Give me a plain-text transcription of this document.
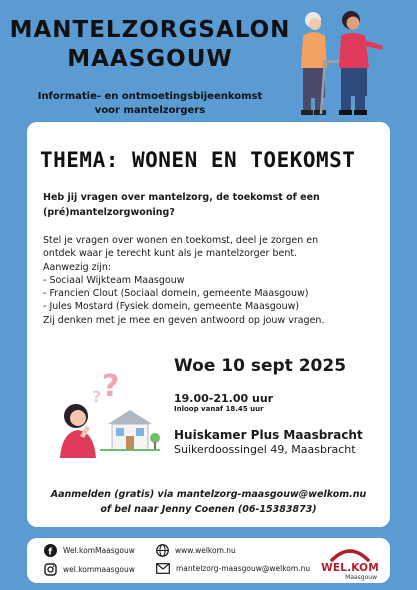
MANTELZORGSALON
MAASGOUW
Informatie- en ontmoetingsbijeenkomst
voor mantelzorgers
THEMA: WONEN EN TOEKOMST
Heb jij vragen over mantelzorg, de toekomst of een
(pré)mantelzorgwoning?
Stel je vragen over wonen en toekomst, deel je zorgen en
ontdek waar je terecht kunt als je mantelzorger bent.
Aanwezig zijn:
- Sociaal Wijkteam Maasgouw
- Francien Clout (Sociaal domein, gemeente Maasgouw)
- Jules Mostard (Fysiek domein, gemeente Maasgouw)
Zij denken met je mee en geven antwoord op jouw vragen.
?
?
Woe 10 sept 2025
19.00-21.00 uur
Inloop vanaf 18.45 uur
Huiskamer Plus Maasbracht
Suikerdoossingel 49, Maasbracht
Aanmelden (gratis) via mantelzorg-maasgouw@welkom.nu
of bel naar Jenny Coenen (06-15383873)
f Wel.komMaasgouw
wel.kommaasgouw
www.welkom.nu
mantelzorg-maasgouw@welkom.nu WEL.KOM
Maasgouw
